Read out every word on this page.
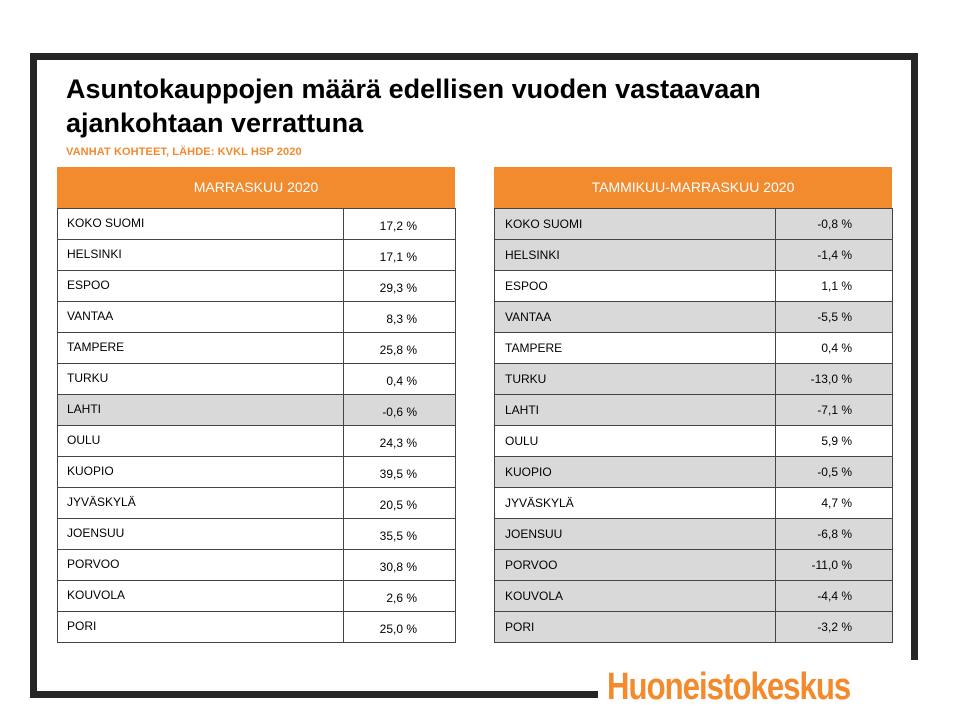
Asuntokauppojen määrä edellisen vuoden vastaavaan ajankohtaan verrattuna
VANHAT KOHTEET, LÄHDE: KVKL HSP 2020
MARRASKUU 2020
KOKO SUOMI	17,2 %
HELSINKI	17,1 %
ESPOO	29,3 %
VANTAA	8,3 %
TAMPERE	25,8 %
TURKU	0,4 %
LAHTI	-0,6 %
OULU	24,3 %
KUOPIO	39,5 %
JYVÄSKYLÄ	20,5 %
JOENSUU	35,5 %
PORVOO	30,8 %
KOUVOLA	2,6 %
PORI	25,0 %
TAMMIKUU-MARRASKUU 2020
KOKO SUOMI	-0,8 %
HELSINKI	-1,4 %
ESPOO	1,1 %
VANTAA	-5,5 %
TAMPERE	0,4 %
TURKU	-13,0 %
LAHTI	-7,1 %
OULU	5,9 %
KUOPIO	-0,5 %
JYVÄSKYLÄ	4,7 %
JOENSUU	-6,8 %
PORVOO	-11,0 %
KOUVOLA	-4,4 %
PORI	-3,2 %
Huoneistokeskus
